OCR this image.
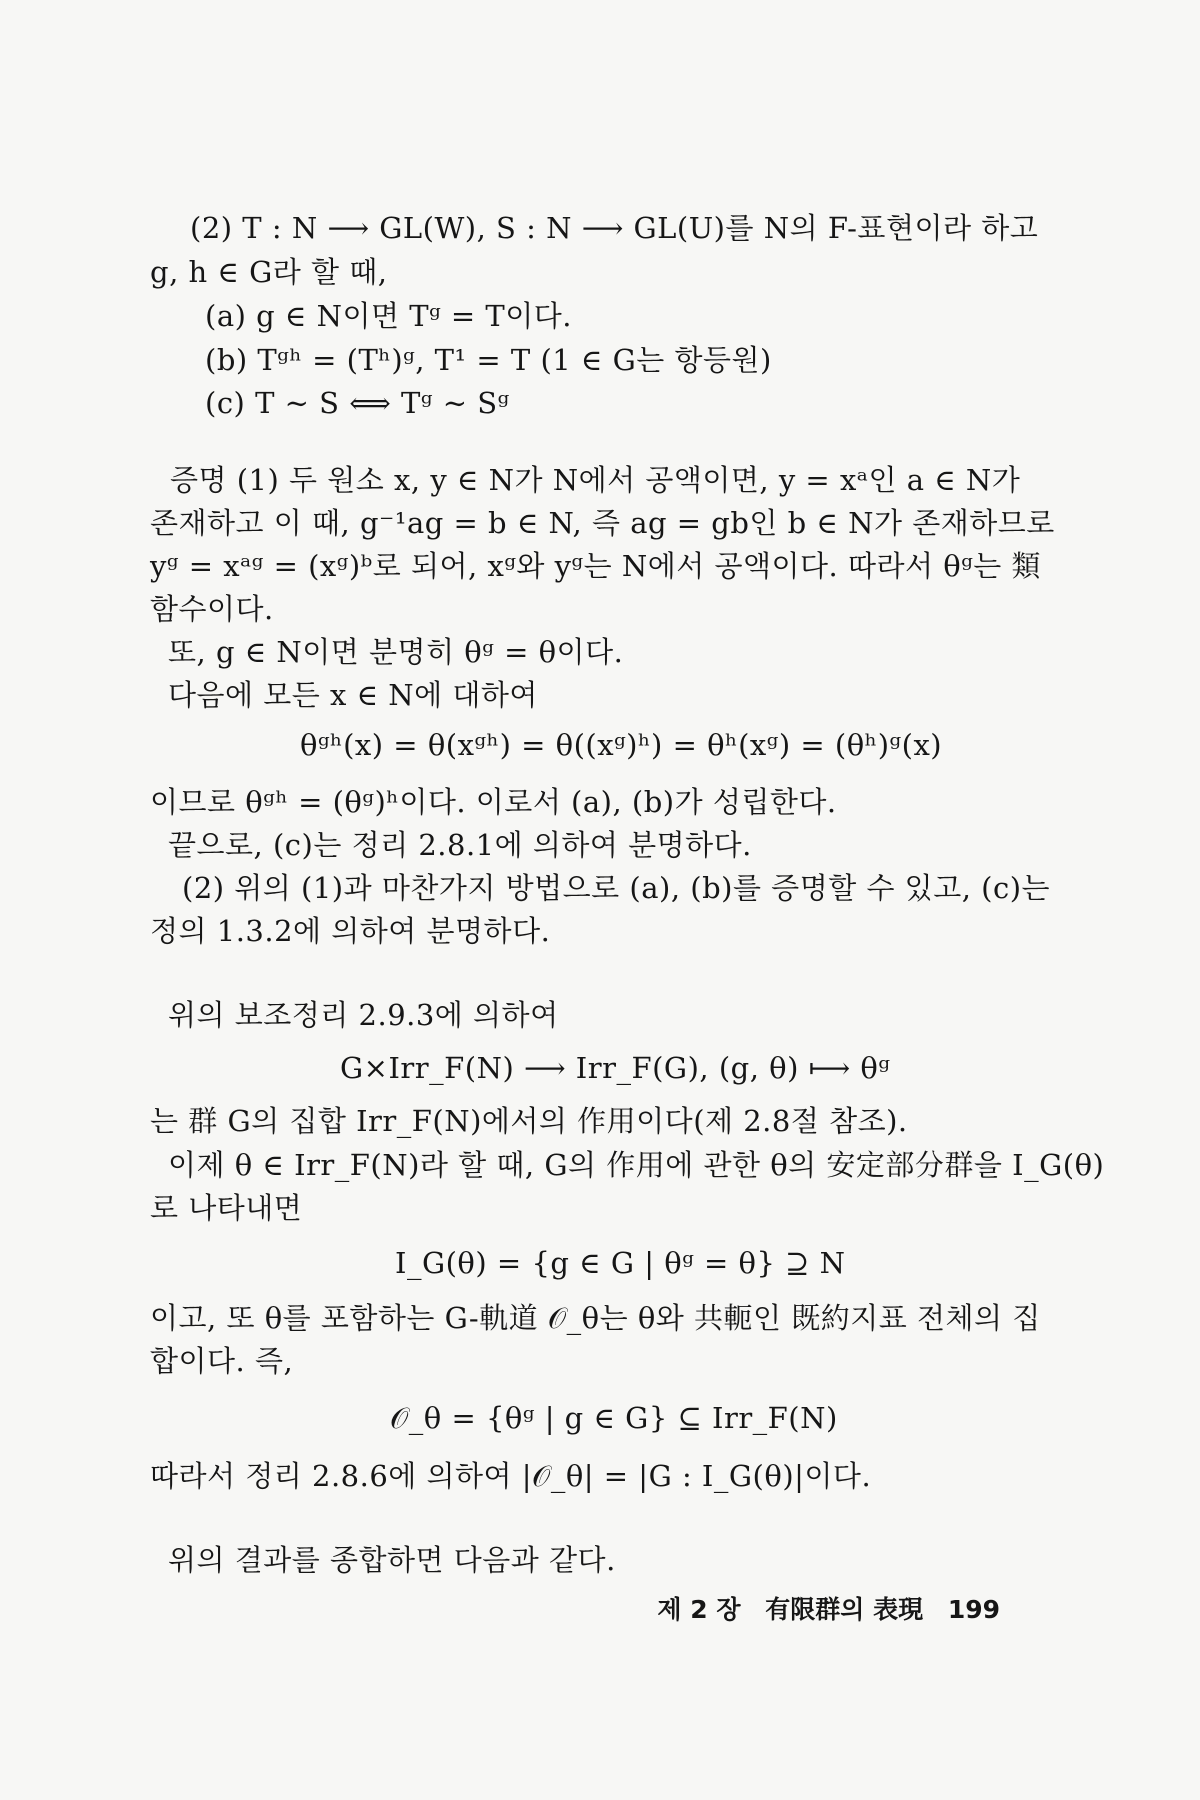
(2) T : N ⟶ GL(W), S : N ⟶ GL(U)를 N의 F-표현이라 하고
g, h ∈ G라 할 때,
(a) g ∈ N이면 Tᵍ = T이다.
(b) Tᵍʰ = (Tʰ)ᵍ, T¹ = T (1 ∈ G는 항등원)
(c) T ∼ S ⟺ Tᵍ ∼ Sᵍ
증명 (1) 두 원소 x, y ∈ N가 N에서 공액이면, y = xᵃ인 a ∈ N가
존재하고 이 때, g⁻¹ag = b ∈ N, 즉 ag = gb인 b ∈ N가 존재하므로
yᵍ = xᵃᵍ = (xᵍ)ᵇ로 되어, xᵍ와 yᵍ는 N에서 공액이다. 따라서 θᵍ는 類
함수이다.
또, g ∈ N이면 분명히 θᵍ = θ이다.
다음에 모든 x ∈ N에 대하여
θᵍʰ(x) = θ(xᵍʰ) = θ((xᵍ)ʰ) = θʰ(xᵍ) = (θʰ)ᵍ(x)
이므로 θᵍʰ = (θᵍ)ʰ이다. 이로서 (a), (b)가 성립한다.
끝으로, (c)는 정리 2.8.1에 의하여 분명하다.
(2) 위의 (1)과 마찬가지 방법으로 (a), (b)를 증명할 수 있고, (c)는
정의 1.3.2에 의하여 분명하다.
위의 보조정리 2.9.3에 의하여
G×Irr_F(N) ⟶ Irr_F(G), (g, θ) ⟼ θᵍ
는 群 G의 집합 Irr_F(N)에서의 作用이다(제 2.8절 참조).
이제 θ ∈ Irr_F(N)라 할 때, G의 作用에 관한 θ의 安定部分群을 I_G(θ)
로 나타내면
I_G(θ) = {g ∈ G | θᵍ = θ} ⊇ N
이고, 또 θ를 포함하는 G-軌道 𝒪_θ는 θ와 共軛인 既約지표 전체의 집
합이다. 즉,
𝒪_θ = {θᵍ | g ∈ G} ⊆ Irr_F(N)
따라서 정리 2.8.6에 의하여 |𝒪_θ| = |G : I_G(θ)|이다.
위의 결과를 종합하면 다음과 같다.
제 2 장 有限群의 表現 199
